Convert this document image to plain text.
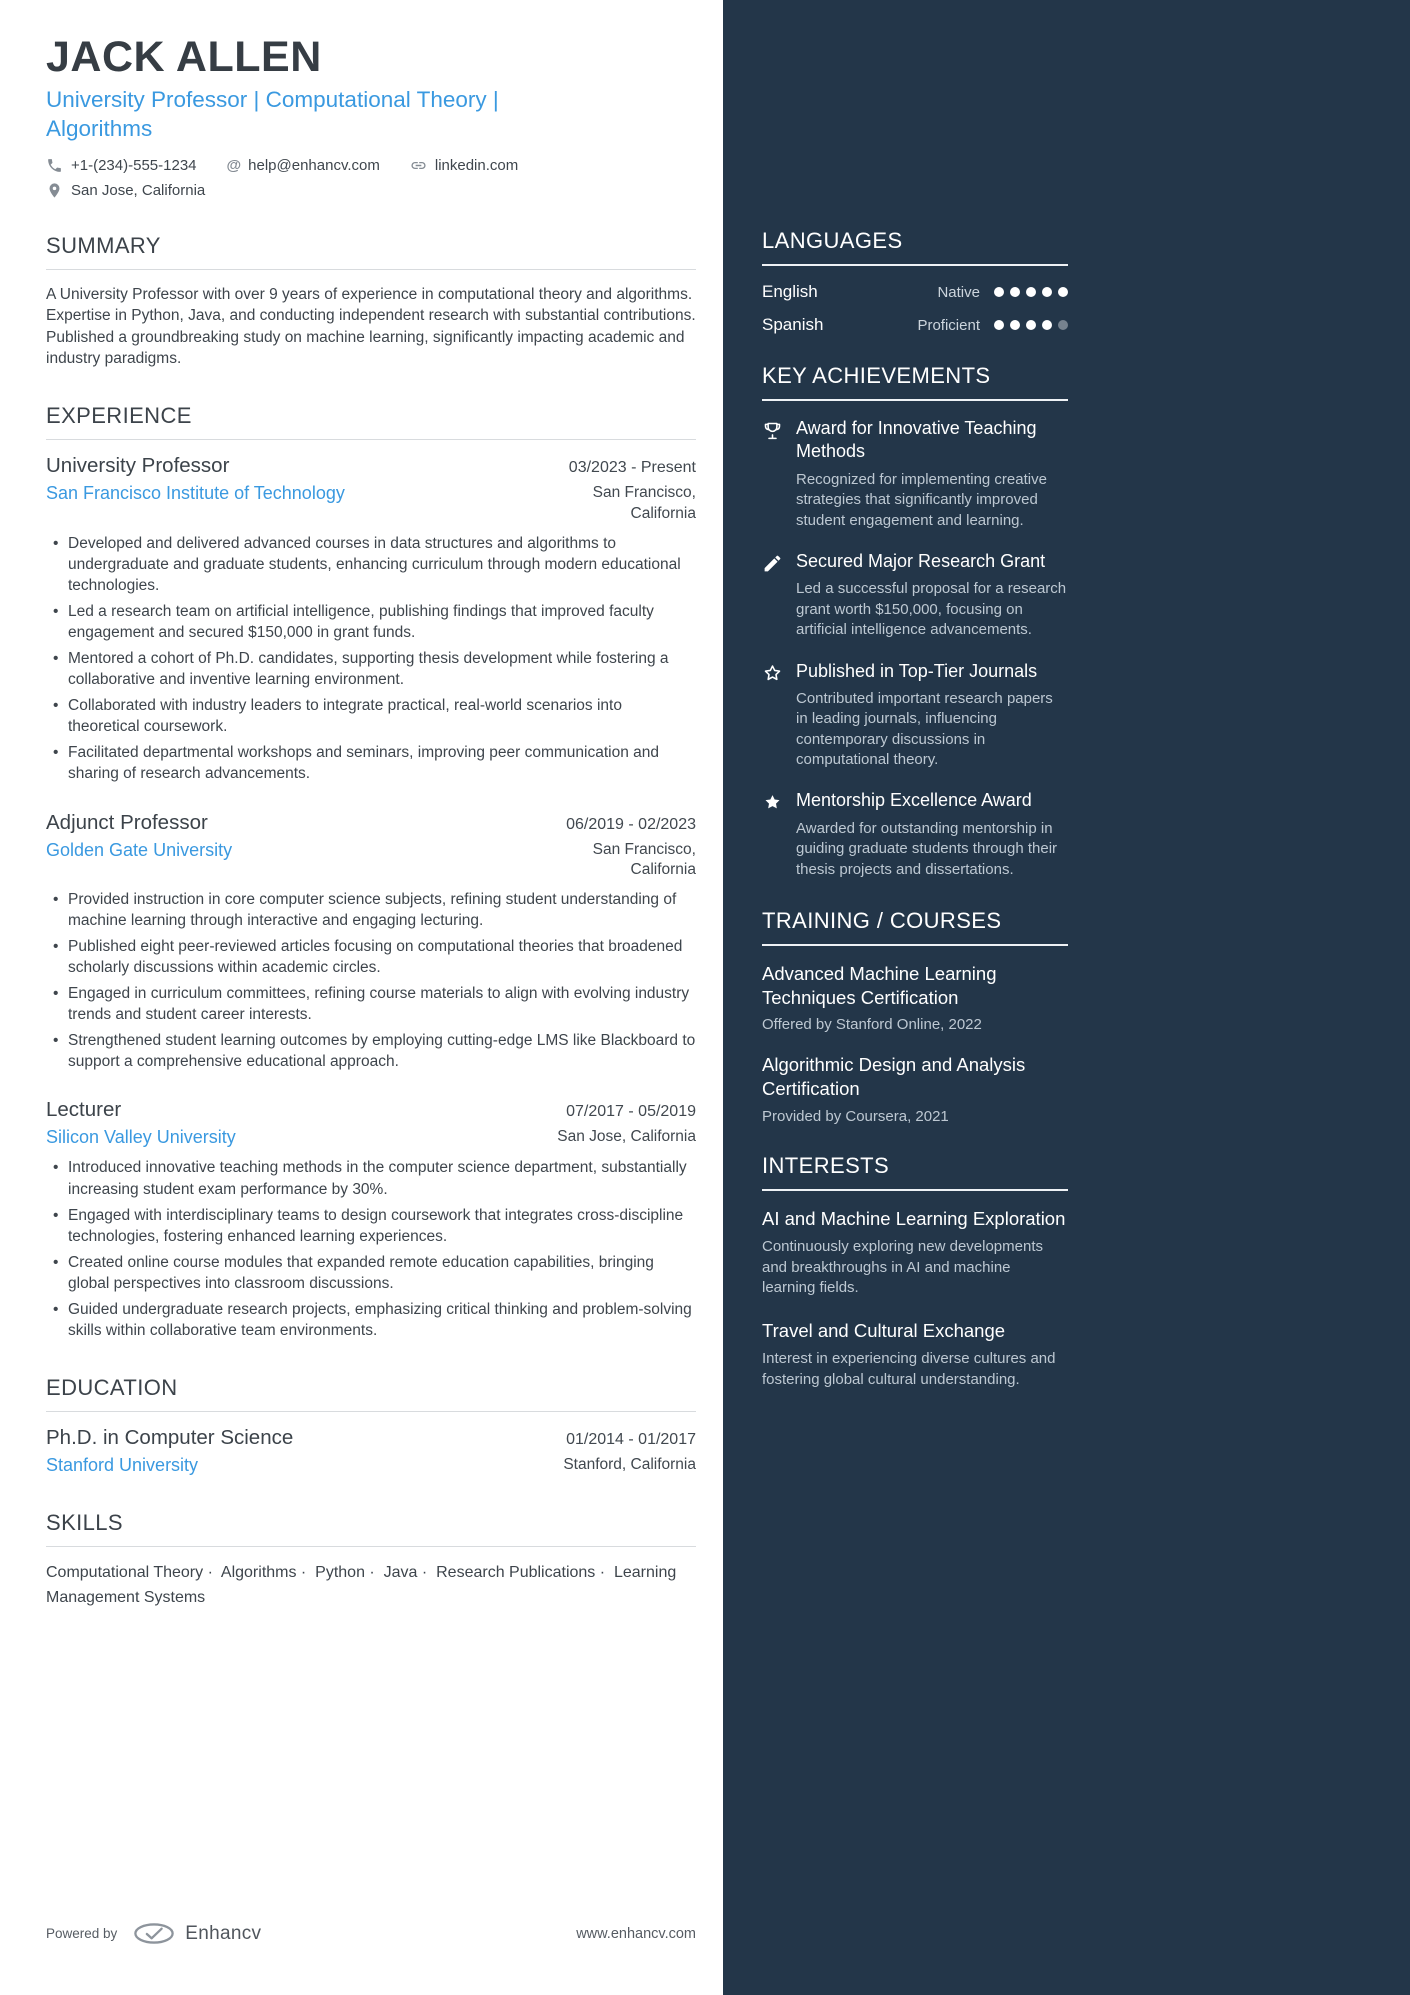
JACK ALLEN
University Professor | Computational Theory | Algorithms
+1-(234)-555-1234 @ help@enhancv.com	linkedin.com
San Jose, California
SUMMARY

A University Professor with over 9 years of experience in computational theory and algorithms. Expertise in Python, Java, and conducting independent research with substantial contributions. Published a groundbreaking study on machine learning, significantly impacting academic and industry paradigms.

EXPERIENCE
University Professor	03/2023 - Present
San Francisco Institute of Technology	San Francisco, California
• Developed and delivered advanced courses in data structures and algorithms to undergraduate and graduate students, enhancing curriculum through modern educational technologies.
• Led a research team on artificial intelligence, publishing findings that improved faculty engagement and secured $150,000 in grant funds.
• Mentored a cohort of Ph.D. candidates, supporting thesis development while fostering a collaborative and inventive learning environment.
• Collaborated with industry leaders to integrate practical, real-world scenarios into theoretical coursework.
• Facilitated departmental workshops and seminars, improving peer communication and sharing of research advancements.
Adjunct Professor	06/2019 - 02/2023
Golden Gate University	San Francisco, California
• Provided instruction in core computer science subjects, refining student understanding of machine learning through interactive and engaging lecturing.
• Published eight peer-reviewed articles focusing on computational theories that broadened scholarly discussions within academic circles.
• Engaged in curriculum committees, refining course materials to align with evolving industry trends and student career interests.
• Strengthened student learning outcomes by employing cutting-edge LMS like Blackboard to support a comprehensive educational approach.
Lecturer	07/2017 - 05/2019
Silicon Valley University	San Jose, California
• Introduced innovative teaching methods in the computer science department, substantially increasing student exam performance by 30%.
• Engaged with interdisciplinary teams to design coursework that integrates cross-discipline technologies, fostering enhanced learning experiences.
• Created online course modules that expanded remote education capabilities, bringing global perspectives into classroom discussions.
• Guided undergraduate research projects, emphasizing critical thinking and problem-solving skills within collaborative team environments.
EDUCATION
Ph.D. in Computer Science	01/2014 - 01/2017
Stanford University	Stanford, California
SKILLS
Computational Theory · Algorithms · Python · Java · Research Publications · Learning Management Systems
LANGUAGES
English	Native
Spanish	Proficient
KEY ACHIEVEMENTS
Award for Innovative Teaching Methods

Recognized for implementing creative strategies that significantly improved student engagement and learning.

Secured Major Research Grant

Led a successful proposal for a research grant worth $150,000, focusing on artificial intelligence advancements.

Published in Top-Tier Journals

Contributed important research papers in leading journals, influencing contemporary discussions in computational theory.

Mentorship Excellence Award

Awarded for outstanding mentorship in guiding graduate students through their thesis projects and dissertations.

TRAINING / COURSES
Advanced Machine Learning Techniques Certification
Offered by Stanford Online, 2022
Algorithmic Design and Analysis Certification
Provided by Coursera, 2021
INTERESTS
AI and Machine Learning Exploration

Continuously exploring new developments and breakthroughs in AI and machine learning fields.

Travel and Cultural Exchange

Interest in experiencing diverse cultures and fostering global cultural understanding.

Powered by	Enhancv	www.enhancv.com
